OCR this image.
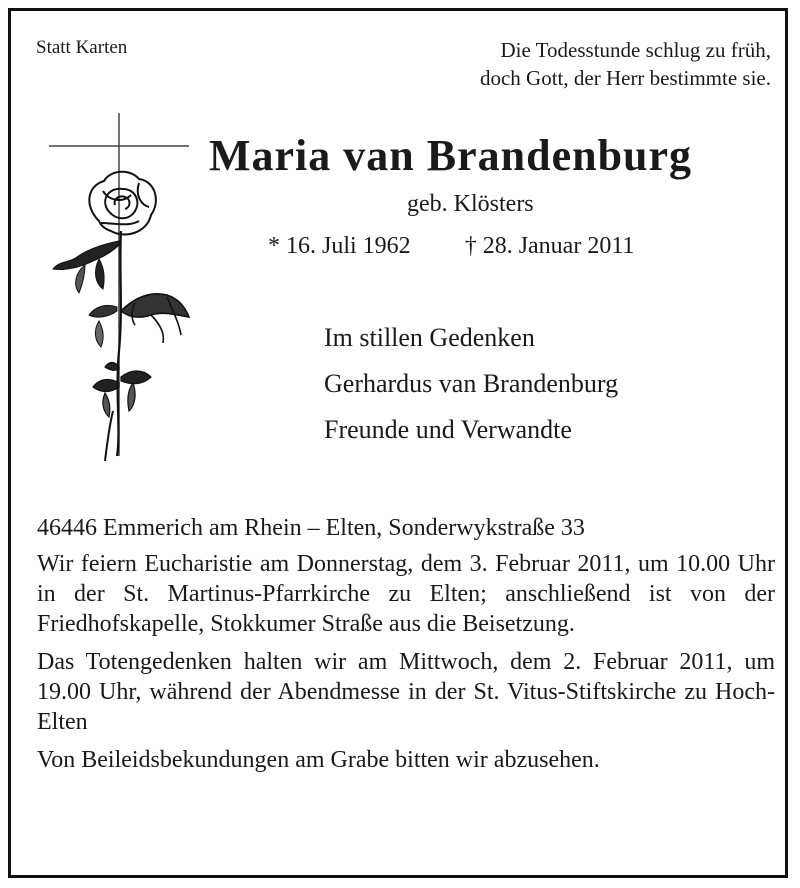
Statt Karten	Die Todesstunde schlug zu früh,
doch Gott, der Herr bestimmte sie.
Maria van Brandenburg
geb. Klösters
* 16. Juli 1962 † 28. Januar 2011
Im stillen Gedenken
Gerhardus van Brandenburg
Freunde und Verwandte

46446 Emmerich am Rhein – Elten, Sonderwykstraße 33

Wir feiern Eucharistie am Donnerstag, dem 3. Februar 2011, um 10.00 Uhr in der St. Martinus-Pfarrkirche zu Elten; anschließend ist von der Friedhofskapelle, Stokkumer Straße aus die Beisetzung.

Das Totengedenken halten wir am Mittwoch, dem 2. Februar 2011, um 19.00 Uhr, während der Abendmesse in der St. Vitus-Stiftskirche zu Hoch-Elten

Von Beileidsbekundungen am Grabe bitten wir abzusehen.
